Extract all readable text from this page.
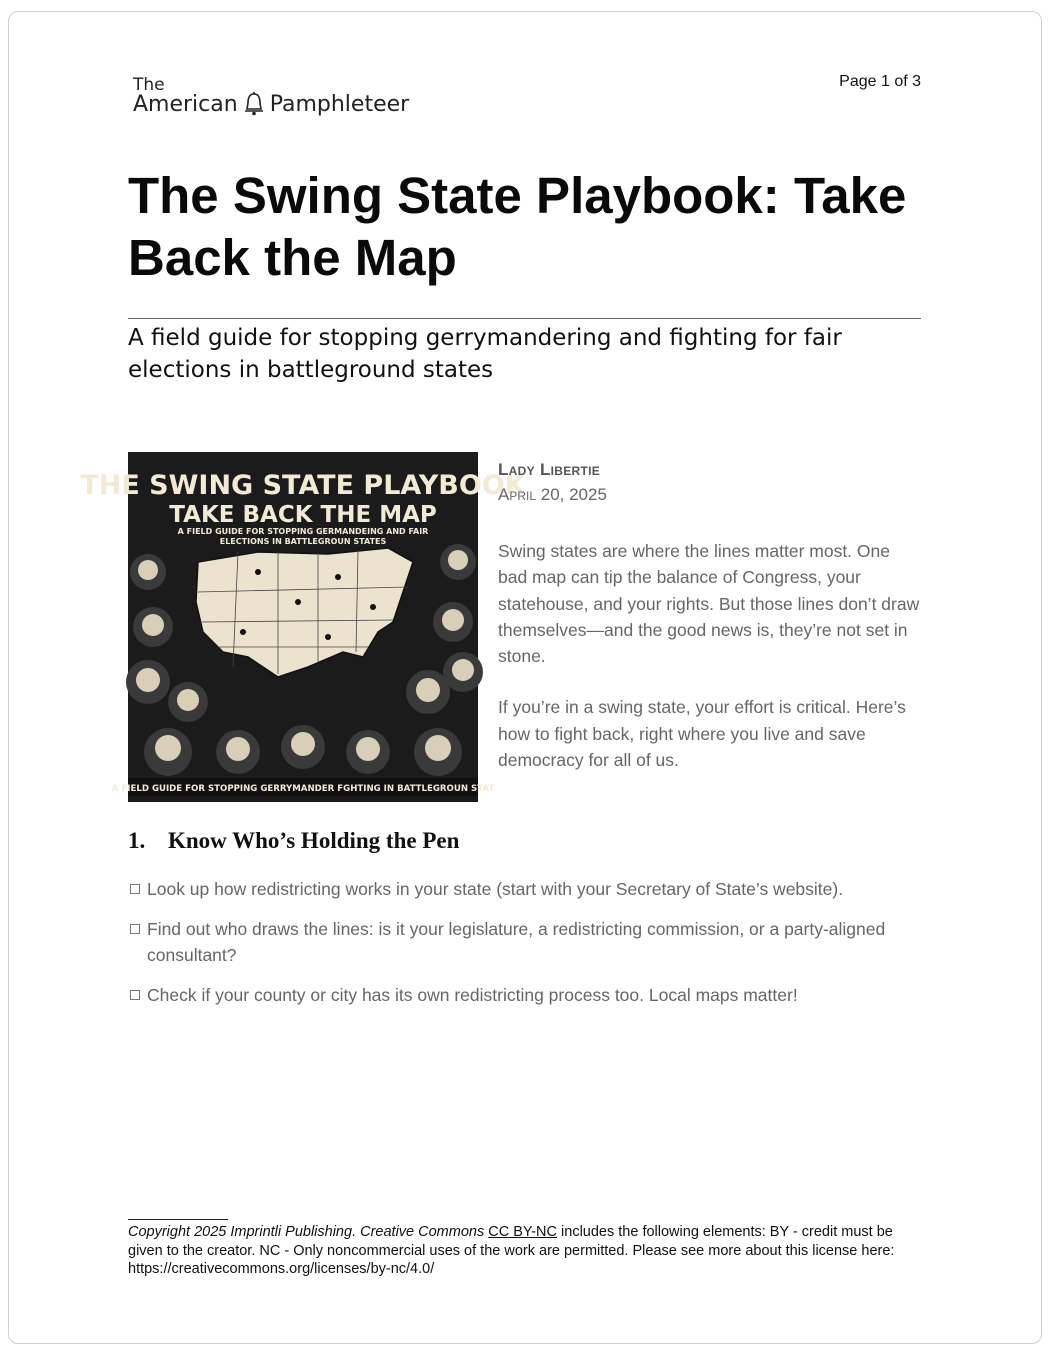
The
American Pamphleteer
Page 1 of 3
The Swing State Playbook: Take Back the Map

A field guide for stopping gerrymandering and fighting for fair elections in battleground states

THE SWING STATE PLAYBOOK
TAKE BACK THE MAP
A FIELD GUIDE FOR STOPPING GERMANDEING AND FAIR
ELECTIONS IN BATTLEGROUN STATES
A FIELD GUIDE FOR STOPPING GERRYMANDER FGHTING IN BATTLEGROUN STAT
Lady Libertie
April 20, 2025

Swing states are where the lines matter most. One bad map can tip the balance of Congress, your statehouse, and your rights. But those lines don’t draw themselves—and the good news is, they’re not set in stone.

If you’re in a swing state, your effort is critical. Here’s how to fight back, right where you live and save democracy for all of us.

1. Know Who’s Holding the Pen
Look up how redistricting works in your state (start with your Secretary of State’s website).
Find out who draws the lines: is it your legislature, a redistricting commission, or a party-aligned consultant?
Check if your county or city has its own redistricting process too. Local maps matter!
Copyright 2025 Imprintli Publishing. Creative Commons CC BY-NC includes the following elements: BY - credit must be given to the creator. NC - Only noncommercial uses of the work are permitted. Please see more about this license here: https://creativecommons.org/licenses/by-nc/4.0/
